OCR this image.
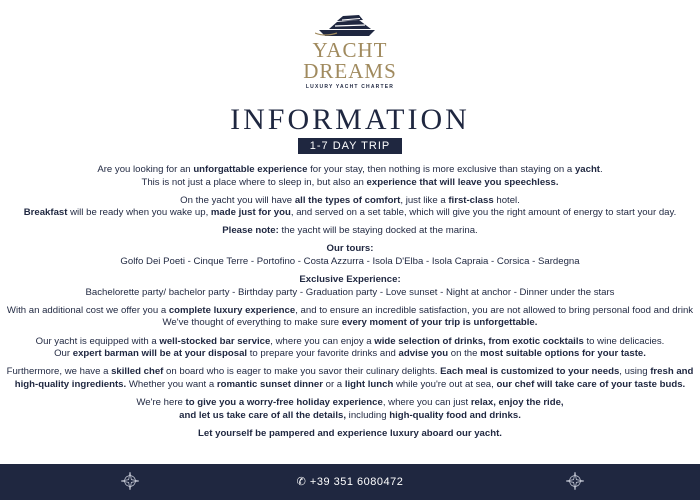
YACHT
DREAMS
LUXURY YACHT CHARTER
INFORMATION
1-7 DAY TRIP

Are you looking for an unforgattable experience for your stay, then nothing is more exclusive than staying on a yacht.
This is not just a place where to sleep in, but also an experience that will leave you speechless.

On the yacht you will have all the types of comfort, just like a first-class hotel.
Breakfast will be ready when you wake up, made just for you, and served on a set table, which will give you the right amount of energy to start your day.

Please note: the yacht will be staying docked at the marina.

Our tours:
Golfo Dei Poeti - Cinque Terre - Portofino - Costa Azzurra - Isola D'Elba - Isola Capraia - Corsica - Sardegna

Exclusive Experience:
Bachelorette party/ bachelor party - Birthday party - Graduation party - Love sunset - Night at anchor - Dinner under the stars

With an additional cost we offer you a complete luxury experience, and to ensure an incredible satisfaction, you are not allowed to bring personal food and drink
We've thought of everything to make sure every moment of your trip is unforgettable.

Our yacht is equipped with a well-stocked bar service, where you can enjoy a wide selection of drinks, from exotic cocktails to wine delicacies.
Our expert barman will be at your disposal to prepare your favorite drinks and advise you on the most suitable options for your taste.

Furthermore, we have a skilled chef on board who is eager to make you savor their culinary delights. Each meal is customized to your needs, using fresh and
high-quality ingredients. Whether you want a romantic sunset dinner or a light lunch while you're out at sea, our chef will take care of your taste buds.

We're here to give you a worry-free holiday experience, where you can just relax, enjoy the ride,
and let us take care of all the details, including high-quality food and drinks.

Let yourself be pampered and experience luxury aboard our yacht.

✆ +39 351 6080472
